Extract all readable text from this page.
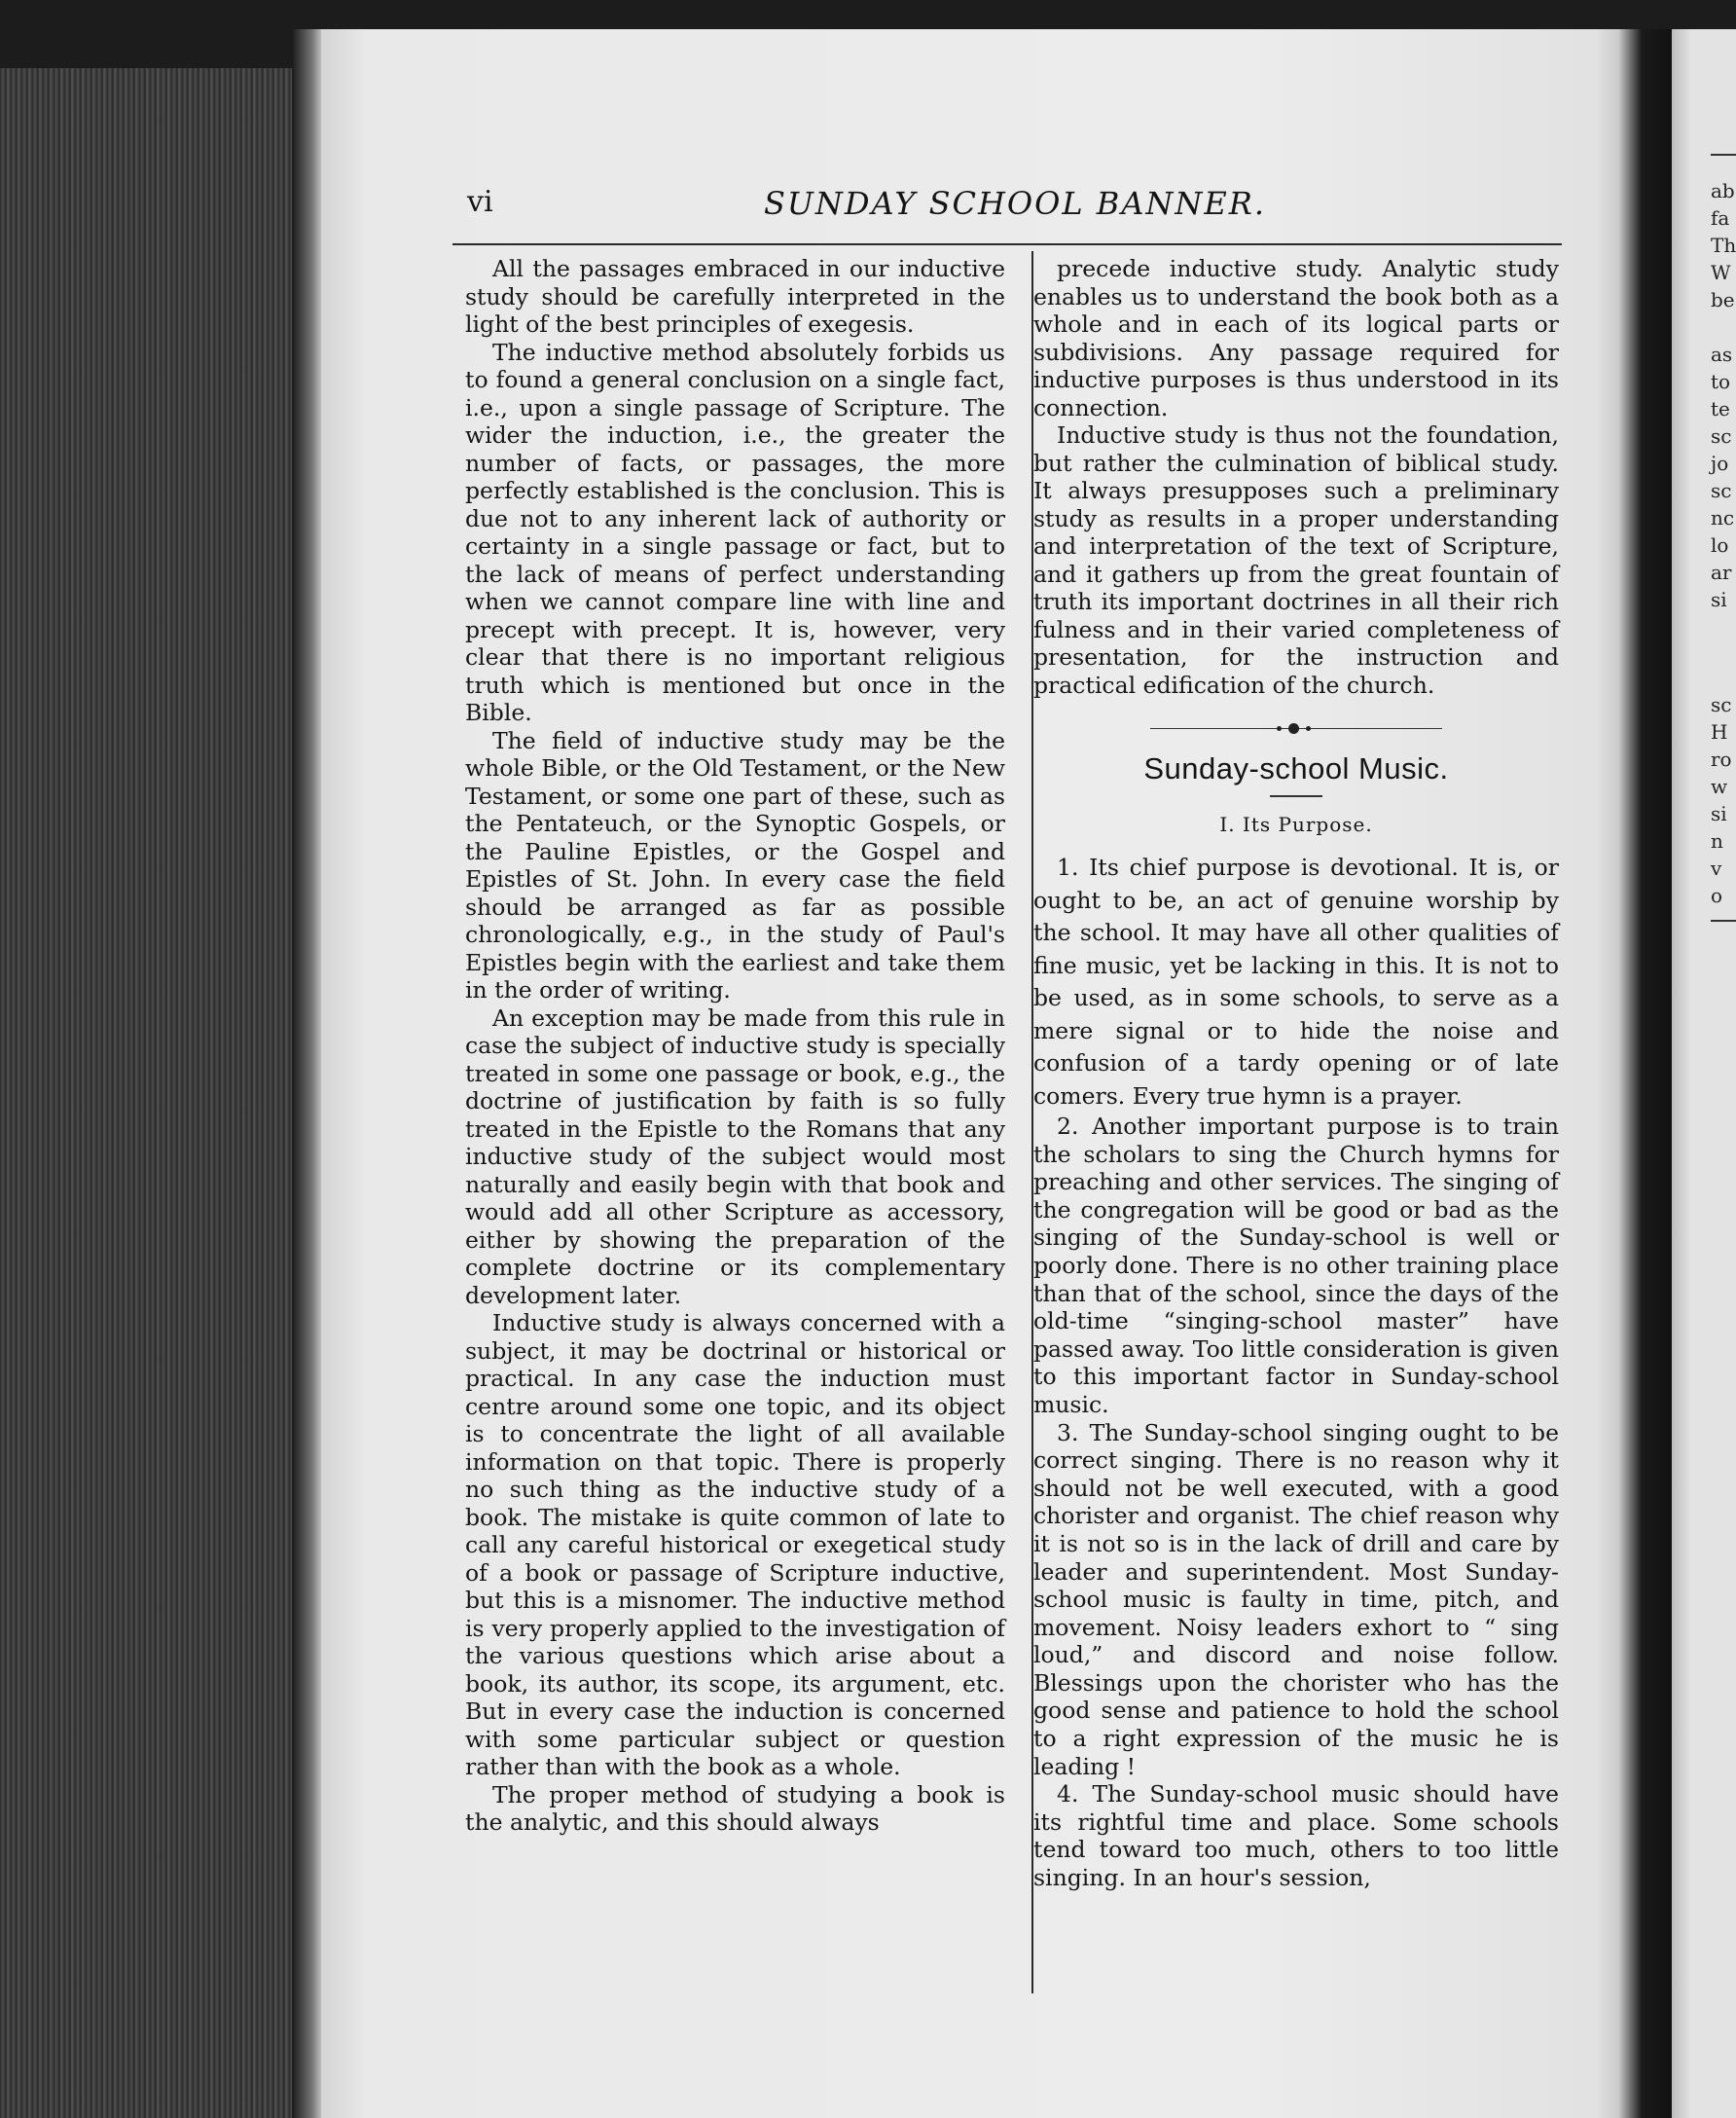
ab
fa
Th
W
be
as
to
te
sc
jo
sc
nc
lo
ar
si
sc
H
ro
w
si
n
v
o
vi	SUNDAY SCHOOL BANNER.

All the passages embraced in our inductive study should be carefully interpreted in the light of the best principles of exegesis.

The inductive method absolutely forbids us to found a general conclusion on a single fact, i.e., upon a single passage of Scripture. The wider the induction, i.e., the greater the number of facts, or passages, the more perfectly established is the conclusion. This is due not to any inherent lack of authority or certainty in a single passage or fact, but to the lack of means of perfect understanding when we cannot compare line with line and precept with precept. It is, however, very clear that there is no important religious truth which is mentioned but once in the Bible.

The field of inductive study may be the whole Bible, or the Old Testament, or the New Testament, or some one part of these, such as the Pentateuch, or the Synoptic Gospels, or the Pauline Epistles, or the Gospel and Epistles of St. John. In every case the field should be arranged as far as possible chronologically, e.g., in the study of Paul's Epistles begin with the earliest and take them in the order of writing.

An exception may be made from this rule in case the subject of inductive study is specially treated in some one passage or book, e.g., the doctrine of justification by faith is so fully treated in the Epistle to the Romans that any inductive study of the subject would most naturally and easily begin with that book and would add all other Scripture as accessory, either by showing the preparation of the complete doctrine or its complementary development later.

Inductive study is always concerned with a subject, it may be doctrinal or historical or practical. In any case the induction must centre around some one topic, and its object is to concentrate the light of all available information on that topic. There is properly no such thing as the inductive study of a book. The mistake is quite common of late to call any careful historical or exegetical study of a book or passage of Scripture inductive, but this is a misnomer. The inductive method is very properly applied to the investigation of the various questions which arise about a book, its author, its scope, its argument, etc. But in every case the induction is concerned with some particular subject or question rather than with the book as a whole.

The proper method of studying a book is the analytic, and this should always

precede inductive study. Analytic study enables us to understand the book both as a whole and in each of its logical parts or subdivisions. Any passage required for inductive purposes is thus understood in its connection.

Inductive study is thus not the foundation, but rather the culmination of biblical study. It always presupposes such a preliminary study as results in a proper understanding and interpretation of the text of Scripture, and it gathers up from the great fountain of truth its important doctrines in all their rich fulness and in their varied completeness of presentation, for the instruction and practical edification of the church.

Sunday-school Music.
I. Its Purpose.

1. Its chief purpose is devotional. It is, or ought to be, an act of genuine worship by the school. It may have all other qualities of fine music, yet be lacking in this. It is not to be used, as in some schools, to serve as a mere signal or to hide the noise and confusion of a tardy opening or of late comers. Every true hymn is a prayer.

2. Another important purpose is to train the scholars to sing the Church hymns for preaching and other services. The singing of the congregation will be good or bad as the singing of the Sunday-school is well or poorly done. There is no other training place than that of the school, since the days of the old-time “singing-school master” have passed away. Too little consideration is given to this important factor in Sunday-school music.

3. The Sunday-school singing ought to be correct singing. There is no reason why it should not be well executed, with a good chorister and organist. The chief reason why it is not so is in the lack of drill and care by leader and superintendent. Most Sunday-school music is faulty in time, pitch, and movement. Noisy leaders exhort to “ sing loud,” and discord and noise follow. Blessings upon the chorister who has the good sense and patience to hold the school to a right expression of the music he is leading !

4. The Sunday-school music should have its rightful time and place. Some schools tend toward too much, others to too little singing. In an hour's session,
